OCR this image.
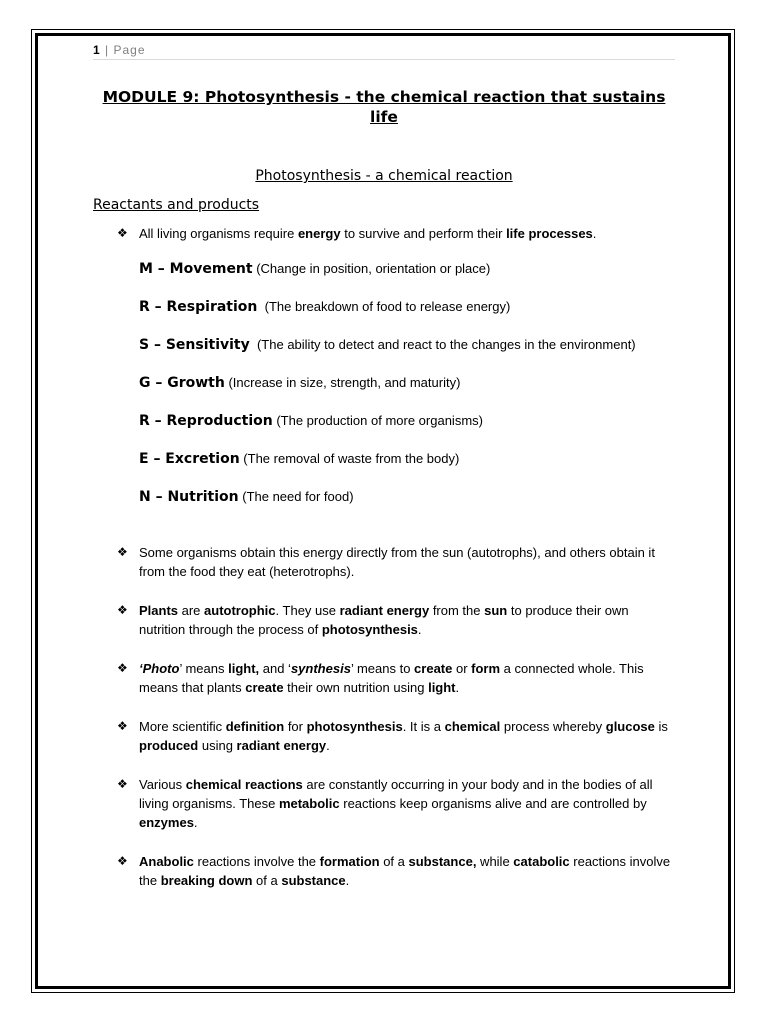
1 | Page
MODULE 9: Photosynthesis - the chemical reaction that sustains life
Photosynthesis - a chemical reaction
Reactants and products
❖ All living organisms require energy to survive and perform their life processes.
M – Movement (Change in position, orientation or place)
R – Respiration  (The breakdown of food to release energy)
S – Sensitivity  (The ability to detect and react to the changes in the environment)
G – Growth (Increase in size, strength, and maturity)
R – Reproduction (The production of more organisms)
E – Excretion (The removal of waste from the body)
N – Nutrition (The need for food)
❖ Some organisms obtain this energy directly from the sun (autotrophs), and others obtain it from the food they eat (heterotrophs).
❖ Plants are autotrophic. They use radiant energy from the sun to produce their own nutrition through the process of photosynthesis.
❖ ‘Photo’ means light, and ‘synthesis’ means to create or form a connected whole. This means that plants create their own nutrition using light.
❖ More scientific definition for photosynthesis. It is a chemical process whereby glucose is produced using radiant energy.
❖ Various chemical reactions are constantly occurring in your body and in the bodies of all living organisms. These metabolic reactions keep organisms alive and are controlled by enzymes.
❖ Anabolic reactions involve the formation of a substance, while catabolic reactions involve the breaking down of a substance.
